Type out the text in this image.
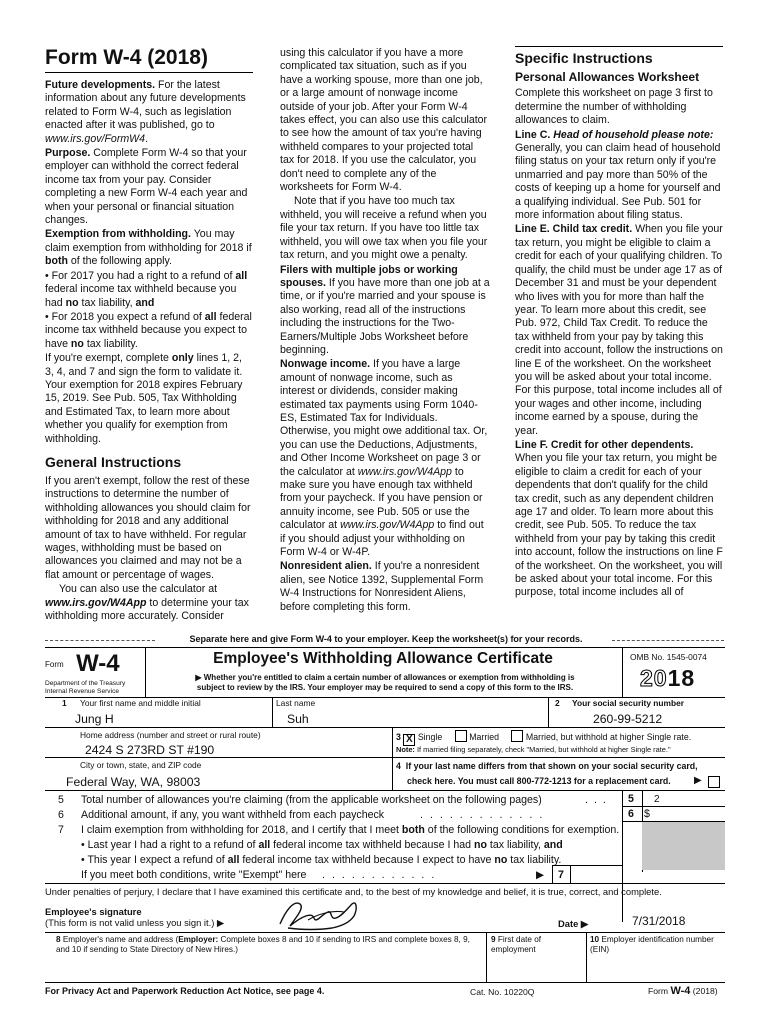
Form W-4 (2018)

Future developments. For the latest information about any future developments related to Form W-4, such as legislation enacted after it was published, go to www.irs.gov/FormW4.

Purpose. Complete Form W-4 so that your employer can withhold the correct federal income tax from your pay. Consider completing a new Form W-4 each year and when your personal or financial situation changes.

Exemption from withholding. You may claim exemption from withholding for 2018 if both of the following apply.

• For 2017 you had a right to a refund of all federal income tax withheld because you had no tax liability, and

• For 2018 you expect a refund of all federal income tax withheld because you expect to have no tax liability.

If you're exempt, complete only lines 1, 2, 3, 4, and 7 and sign the form to validate it. Your exemption for 2018 expires February 15, 2019. See Pub. 505, Tax Withholding and Estimated Tax, to learn more about whether you qualify for exemption from withholding.

General Instructions

If you aren't exempt, follow the rest of these instructions to determine the number of withholding allowances you should claim for withholding for 2018 and any additional amount of tax to have withheld. For regular wages, withholding must be based on allowances you claimed and may not be a flat amount or percentage of wages.

You can also use the calculator at www.irs.gov/W4App to determine your tax withholding more accurately. Consider

using this calculator if you have a more complicated tax situation, such as if you have a working spouse, more than one job, or a large amount of nonwage income outside of your job. After your Form W-4 takes effect, you can also use this calculator to see how the amount of tax you're having withheld compares to your projected total tax for 2018. If you use the calculator, you don't need to complete any of the worksheets for Form W-4.

Note that if you have too much tax withheld, you will receive a refund when you file your tax return. If you have too little tax withheld, you will owe tax when you file your tax return, and you might owe a penalty.

Filers with multiple jobs or working spouses. If you have more than one job at a time, or if you're married and your spouse is also working, read all of the instructions including the instructions for the Two-Earners/Multiple Jobs Worksheet before beginning.

Nonwage income. If you have a large amount of nonwage income, such as interest or dividends, consider making estimated tax payments using Form 1040-ES, Estimated Tax for Individuals. Otherwise, you might owe additional tax. Or, you can use the Deductions, Adjustments, and Other Income Worksheet on page 3 or the calculator at www.irs.gov/W4App to make sure you have enough tax withheld from your paycheck. If you have pension or annuity income, see Pub. 505 or use the calculator at www.irs.gov/W4App to find out if you should adjust your withholding on Form W-4 or W-4P.

Nonresident alien. If you're a nonresident alien, see Notice 1392, Supplemental Form W-4 Instructions for Nonresident Aliens, before completing this form.

Specific Instructions
Personal Allowances Worksheet

Complete this worksheet on page 3 first to determine the number of withholding allowances to claim.

Line C. Head of household please note: Generally, you can claim head of household filing status on your tax return only if you're unmarried and pay more than 50% of the costs of keeping up a home for yourself and a qualifying individual. See Pub. 501 for more information about filing status.

Line E. Child tax credit. When you file your tax return, you might be eligible to claim a credit for each of your qualifying children. To qualify, the child must be under age 17 as of December 31 and must be your dependent who lives with you for more than half the year. To learn more about this credit, see Pub. 972, Child Tax Credit. To reduce the tax withheld from your pay by taking this credit into account, follow the instructions on line E of the worksheet. On the worksheet you will be asked about your total income. For this purpose, total income includes all of your wages and other income, including income earned by a spouse, during the year.

Line F. Credit for other dependents. When you file your tax return, you might be eligible to claim a credit for each of your dependents that don't qualify for the child tax credit, such as any dependent children age 17 and older. To learn more about this credit, see Pub. 505. To reduce the tax withheld from your pay by taking this credit into account, follow the instructions on line F of the worksheet. On the worksheet, you will be asked about your total income. For this purpose, total income includes all of

Separate here and give Form W-4 to your employer. Keep the worksheet(s) for your records.
$^{Form}$ W-4
Department of the Treasury
Internal Revenue Service
Employee's Withholding Allowance Certificate
▶ Whether you're entitled to claim a certain number of allowances or exemption from withholding is
subject to review by the IRS. Your employer may be required to send a copy of this form to the IRS.
OMB No. 1545-0074
2018
1 Your first name and middle initial
Jung H
Last name
Suh
2 Your social security number
260-99-5212
Home address (number and street or rural route)
2424 S 273RD ST #190
3 X Single	Married	Married, but withhold at higher Single rate.
Note: If married filing separately, check "Married, but withhold at higher Single rate."
City or town, state, and ZIP code
Federal Way, WA, 98003
4 If your last name differs from that shown on your social security card,
check here. You must call 800-772-1213 for a replacement card. ▶
5 Total number of allowances you're claiming (from the applicable worksheet on the following pages)	... 5 2
6 Additional amount, if any, you want withheld from each paycheck	.............	6 $
7 I claim exemption from withholding for 2018, and I certify that I meet both of the following conditions for exemption.
• Last year I had a right to a refund of all federal income tax withheld because I had no tax liability, and
• This year I expect a refund of all federal income tax withheld because I expect to have no tax liability.
If you meet both conditions, write "Exempt" here ............	▶ 7
Under penalties of perjury, I declare that I have examined this certificate and, to the best of my knowledge and belief, it is true, correct, and complete.
Employee's signature
(This form is not valid unless you sign it.) ▶	Date ▶	7/31/2018
8 Employer's name and address (Employer: Complete boxes 8 and 10 if sending to IRS and complete boxes 8, 9, and 10 if sending to State Directory of New Hires.)
9 First date of employment
10 Employer identification number (EIN)
For Privacy Act and Paperwork Reduction Act Notice, see page 4.	Cat. No. 10220Q	Form W-4 (2018)
